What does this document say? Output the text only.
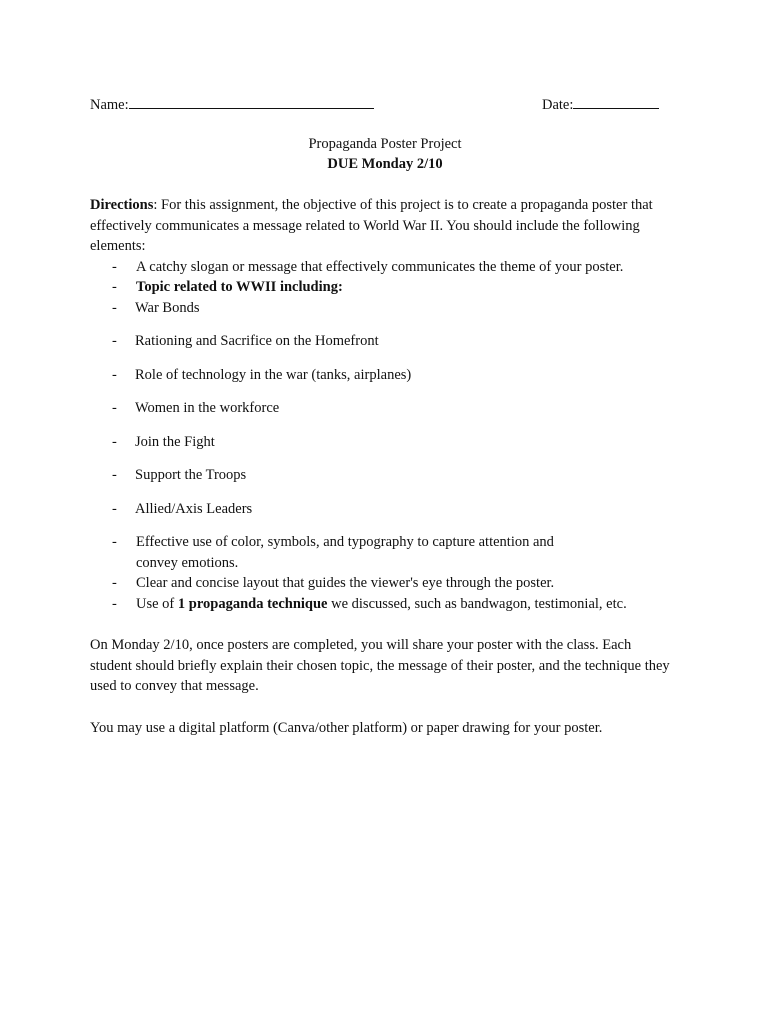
Name:	Date:
Propaganda Poster Project
DUE Monday 2/10
Directions: For this assignment, the objective of this project is to create a propaganda poster that effectively communicates a message related to World War II. You should include the following elements:
- A catchy slogan or message that effectively communicates the theme of your poster.
- Topic related to WWII including:
- War Bonds
- Rationing and Sacrifice on the Homefront
- Role of technology in the war (tanks, airplanes)
- Women in the workforce
- Join the Fight
- Support the Troops
- Allied/Axis Leaders
- Effective use of color, symbols, and typography to capture attention and
convey emotions.
- Clear and concise layout that guides the viewer's eye through the poster.
- Use of 1 propaganda technique we discussed, such as bandwagon, testimonial, etc.
On Monday 2/10, once posters are completed, you will share your poster with the class. Each student should briefly explain their chosen topic, the message of their poster, and the technique they used to convey that message.
You may use a digital platform (Canva/other platform) or paper drawing for your poster.
